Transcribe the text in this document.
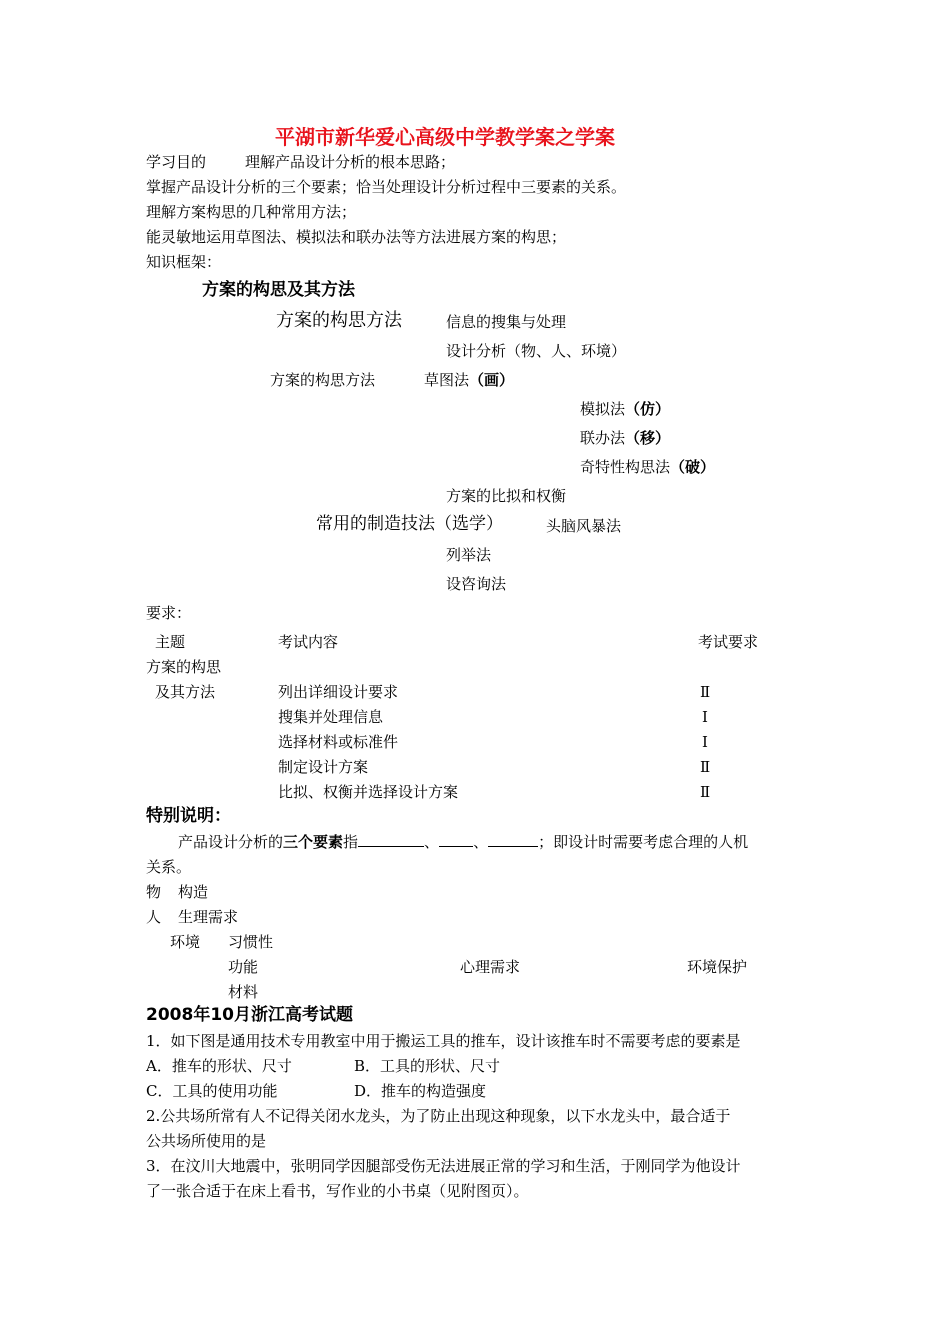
平湖市新华爱心高级中学教学案之学案
学习目的	理解产品设计分析的根本思路；
掌握产品设计分析的三个要素；恰当处理设计分析过程中三要素的关系。
理解方案构思的几种常用方法；
能灵敏地运用草图法、模拟法和联办法等方法进展方案的构思；
知识框架：
方案的构思及其方法
方案的构思方法	信息的搜集与处理
设计分析（物、人、环境）
方案的构思方法	草图法（画）
模拟法（仿）
联办法（移）
奇特性构思法（破）
方案的比拟和权衡
常用的制造技法（选学）	头脑风暴法
列举法
设咨询法
要求：
主题	考试内容	考试要求
方案的构思
及其方法	列出详细设计要求	Ⅱ
搜集并处理信息	Ⅰ
选择材料或标准件	Ⅰ
制定设计方案	Ⅱ
比拟、权衡并选择设计方案	Ⅱ
特别说明：
产品设计分析的三个要素指	、 、	；即设计时需要考虑合理的人机
关系。
物 构造
人 生理需求
环境 习惯性
功能	心理需求	环境保护
材料
2008年10月浙江高考试题
1．如下图是通用技术专用教室中用于搬运工具的推车，设计该推车时不需要考虑的要素是
A．推车的形状、尺寸	B．工具的形状、尺寸
C．工具的使用功能	D．推车的构造强度
2.公共场所常有人不记得关闭水龙头，为了防止出现这种现象，以下水龙头中，最合适于
公共场所使用的是
3．在汶川大地震中，张明同学因腿部受伤无法进展正常的学习和生活，于刚同学为他设计
了一张合适于在床上看书，写作业的小书桌（见附图页）。
